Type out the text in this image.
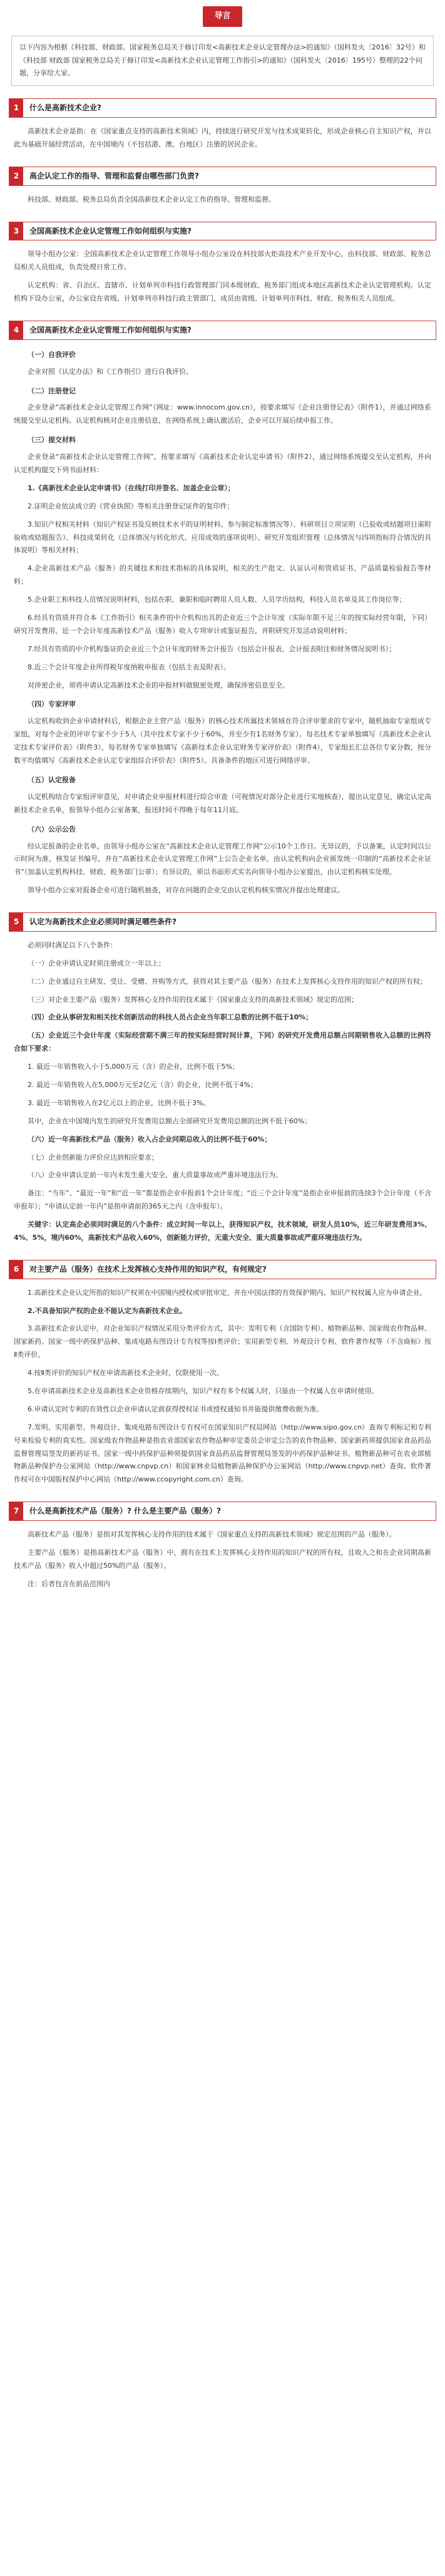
导言
以下内容为根据《科技部、财政部、国家税务总局关于修订印发<高新技术企业认定管理办法>的通知》（国科发火〔2016〕32号）和《科技部 财政部 国家税务总局关于修订印发<高新技术企业认定管理工作指引>的通知》（国科发火〔2016〕195号）整理的22个问题，分享给大家。
1	什么是高新技术企业?
高新技术企业是指：在《国家重点支持的高新技术领域》内，持续进行研究开发与技术成果转化，形成企业核心自主知识产权，并以此为基础开展经营活动，在中国境内（不包括港、澳、台地区）注册的居民企业。
2	高企认定工作的指导、管理和监督由哪些部门负责?
科技部、财政部、税务总局负责全国高新技术企业认定工作的指导、管理和监督。
3	全国高新技术企业认定管理工作如何组织与实施?
领导小组办公室：全国高新技术企业认定管理工作领导小组办公室设在科技部火炬高技术产业开发中心，由科技部、财政部、税务总局相关人员组成，负责处理日常工作。
认定机构：省、自治区、直辖市、计划单列市科技行政管理部门同本级财政、税务部门组成本地区高新技术企业认定管理机构。认定机构下设办公室，办公室设在省级、计划单列市科技行政主管部门，成员由省级、计划单列市科技、财政、税务相关人员组成。
4	全国高新技术企业认定管理工作如何组织与实施?
（一）自我评价
企业对照《认定办法》和《工作指引》进行自我评价。
（二）注册登记
企业登录“高新技术企业认定管理工作网”（网址：www.innocom.gov.cn），按要求填写《企业注册登记表》（附件1），并通过网络系统提交至认定机构。认定机构核对企业注册信息，在网络系统上确认激活后，企业可以开展后续申报工作。
（三）提交材料
企业登录“高新技术企业认定管理工作网”，按要求填写《高新技术企业认定申请书》（附件2），通过网络系统提交至认定机构，并向认定机构提交下列书面材料：
1.《高新技术企业认定申请书》（在线打印并签名、加盖企业公章）；
2.证明企业依法成立的《营业执照》等相关注册登记证件的复印件；
3.知识产权相关材料（知识产权证书及反映技术水平的证明材料、参与制定标准情况等）、科研项目立项证明（已验收或结题项目需附验收或结题报告）、科技成果转化（总体情况与转化形式、应用成效的逐项说明）、研究开发组织管理（总体情况与四项指标符合情况的具体说明）等相关材料；
4.企业高新技术产品（服务）的关键技术和技术指标的具体说明，相关的生产批文、认证认可和资质证书、产品质量检验报告等材料；
5.企业职工和科技人员情况说明材料，包括在职、兼职和临时聘用人员人数、人员学历结构，科技人员名单及其工作岗位等；
6.经具有资质并符合本《工作指引》相关条件的中介机构出具的企业近三个会计年度（实际年限不足三年的按实际经营年限，下同）研究开发费用、近一个会计年度高新技术产品（服务）收入专项审计或鉴证报告，并附研究开发活动说明材料；
7.经具有资质的中介机构鉴证的企业近三个会计年度的财务会计报告（包括会计报表、会计报表附注和财务情况说明书）；
8.近三个会计年度企业所得税年度纳税申报表（包括主表及附表）。
对涉密企业，须将申请认定高新技术企业的申报材料做脱密处理，确保涉密信息安全。
（四）专家评审
认定机构收到企业申请材料后，根据企业主营产品（服务）的核心技术所属技术领域在符合评审要求的专家中，随机抽取专家组成专家组，对每个企业的评审专家不少于5人（其中技术专家不少于60%，并至少有1名财务专家）。每名技术专家单独填写《高新技术企业认定技术专家评价表》（附件3），每名财务专家单独填写《高新技术企业认定财务专家评价表》（附件4），专家组长汇总各位专家分数，按分数平均值填写《高新技术企业认定专家组综合评价表》（附件5）。具备条件的地区可进行网络评审。
（五）认定报备
认定机构结合专家组评审意见，对申请企业申报材料进行综合审查（可视情况对部分企业进行实地核查），提出认定意见，确定认定高新技术企业名单，报领导小组办公室备案，报送时间不得晚于每年11月底。
（六）公示公告
经认定报备的企业名单，由领导小组办公室在“高新技术企业认定管理工作网”公示10个工作日。无异议的，予以备案，认定时间以公示时间为准，核发证书编号，并在“高新技术企业认定管理工作网”上公告企业名单，由认定机构向企业颁发统一印制的“高新技术企业证书”（加盖认定机构科技、财政、税务部门公章）；有异议的，须以书面形式实名向领导小组办公室提出，由认定机构核实处理。
领导小组办公室对报备企业可进行随机抽查，对存在问题的企业交由认定机构核实情况并提出处理建议。
5	认定为高新技术企业必须同时满足哪些条件?
必须同时满足以下八个条件：
（一）企业申请认定时须注册成立一年以上；
（二）企业通过自主研发、受让、受赠、并购等方式，获得对其主要产品（服务）在技术上发挥核心支持作用的知识产权的所有权；
（三）对企业主要产品（服务）发挥核心支持作用的技术属于《国家重点支持的高新技术领域》规定的范围；
（四）企业从事研发和相关技术创新活动的科技人员占企业当年职工总数的比例不低于10%；
（五）企业近三个会计年度（实际经营期不满三年的按实际经营时间计算，下同）的研究开发费用总额占同期销售收入总额的比例符合如下要求：
1. 最近一年销售收入小于5,000万元（含）的企业，比例不低于5%；
2. 最近一年销售收入在5,000万元至2亿元（含）的企业，比例不低于4%；
3. 最近一年销售收入在2亿元以上的企业，比例不低于3%。
其中，企业在中国境内发生的研究开发费用总额占全部研究开发费用总额的比例不低于60%；
（六）近一年高新技术产品（服务）收入占企业同期总收入的比例不低于60%；
（七）企业创新能力评价应达到相应要求；
（八）企业申请认定前一年内未发生重大安全、重大质量事故或严重环境违法行为。
备注：“当年”、“最近一年”和“近一年”都是指企业申报前1个会计年度；“近三个会计年度”是指企业申报前的连续3个会计年度（不含申报年）；“申请认定前一年内”是指申请前的365天之内（含申报年）。
关键字：认定高企必须同时满足的八个条件：成立时间一年以上，获得知识产权，技术领域，研发人员10%，近三年研发费用3%、4%、5%，境内60%，高新技术产品收入60%，创新能力评价，无重大安全、重大质量事故或严重环境违法行为。
6	对主要产品（服务）在技术上发挥核心支持作用的知识产权，有何规定?
1.高新技术企业认定所指的知识产权须在中国境内授权或审批审定，并在中国法律的有效保护期内。知识产权权属人应为申请企业。
2.不具备知识产权的企业不能认定为高新技术企业。
3.高新技术企业认定中，对企业知识产权情况采用分类评价方式，其中：发明专利（含国防专利）、植物新品种、国家级农作物品种、国家新药、国家一级中药保护品种、集成电路布图设计专有权等按Ⅰ类评价；实用新型专利、外观设计专利、软件著作权等（不含商标）按Ⅱ类评价。
4.按Ⅱ类评价的知识产权在申请高新技术企业时，仅限使用一次。
5.在申请高新技术企业及高新技术企业资格存续期内，知识产权有多个权属人时，只能由一个权属人在申请时使用。
6.申请认定时专利的有效性以企业申请认定前获得授权证书或授权通知书并能提供缴费收据为准。
7.发明、实用新型、外观设计、集成电路布图设计专有权可在国家知识产权局网站（http://www.sipo.gov.cn）查询专利标记和专利号来检验专利的真实性。国家级农作物品种是指农业部国家农作物品种审定委员会审定公告的农作物品种。国家新药须提供国家食品药品监督管理局签发的新药证书。国家一级中药保护品种须提供国家食品药品监督管理局签发的中药保护品种证书。植物新品种可在农业部植物新品种保护办公室网站（http://www.cnpvp.cn）和国家林业局植物新品种保护办公室网站（http://www.cnpvp.net）查询。软件著作权可在中国版权保护中心网站（http://www.ccopyright.com.cn）查询。
7	什么是高新技术产品（服务）? 什么是主要产品（服务）?
高新技术产品（服务）是指对其发挥核心支持作用的技术属于《国家重点支持的高新技术领域》规定范围的产品（服务）。
主要产品（服务）是指高新技术产品（服务）中，拥有在技术上发挥核心支持作用的知识产权的所有权，且收入之和在企业同期高新技术产品（服务）收入中超过50%的产品（服务）。
注：后者包含在前品范围内
